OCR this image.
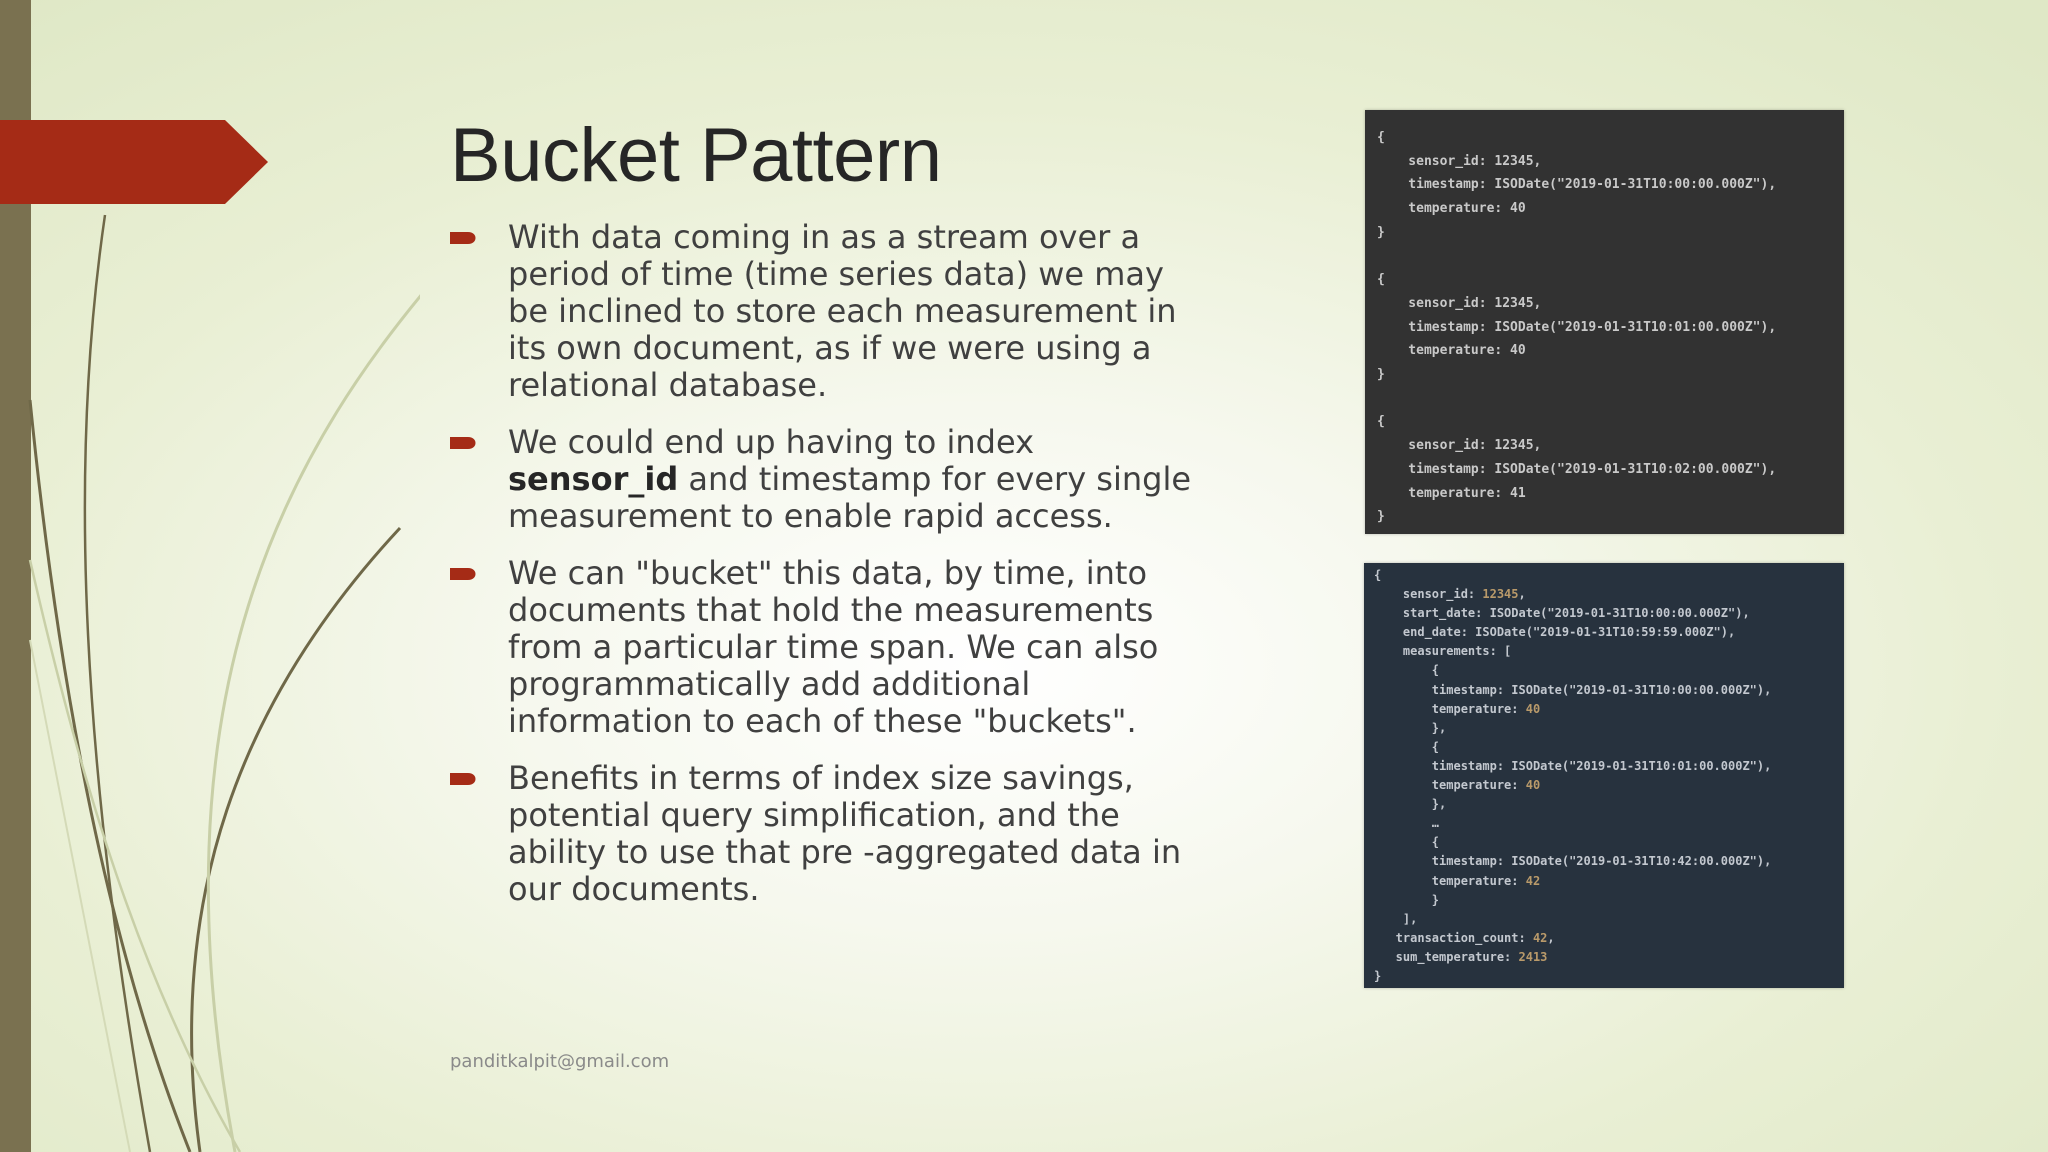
Bucket Pattern
With data coming in as a stream over a period of time (time series data) we may be inclined to store each measurement in its own document, as if we were using a relational database.
We could end up having to index sensor_id and timestamp for every single measurement to enable rapid access.
We can "bucket" this data, by time, into documents that hold the measurements from a particular time span. We can also programmatically add additional information to each of these "buckets".
Benefits in terms of index size savings, potential query simplification, and the ability to use that pre -aggregated data in our documents.
{
sensor_id: 12345,
timestamp: ISODate("2019-01-31T10:00:00.000Z"),
temperature: 40
}

{
sensor_id: 12345,
timestamp: ISODate("2019-01-31T10:01:00.000Z"),
temperature: 40
}

{
sensor_id: 12345,
timestamp: ISODate("2019-01-31T10:02:00.000Z"),
temperature: 41
}
{
sensor_id: 12345,
start_date: ISODate("2019-01-31T10:00:00.000Z"),
end_date: ISODate("2019-01-31T10:59:59.000Z"),
measurements: [
{
timestamp: ISODate("2019-01-31T10:00:00.000Z"),
temperature: 40
},
{
timestamp: ISODate("2019-01-31T10:01:00.000Z"),
temperature: 40
},
…
{
timestamp: ISODate("2019-01-31T10:42:00.000Z"),
temperature: 42
}
],
transaction_count: 42,
sum_temperature: 2413
}
panditkalpit@gmail.com
